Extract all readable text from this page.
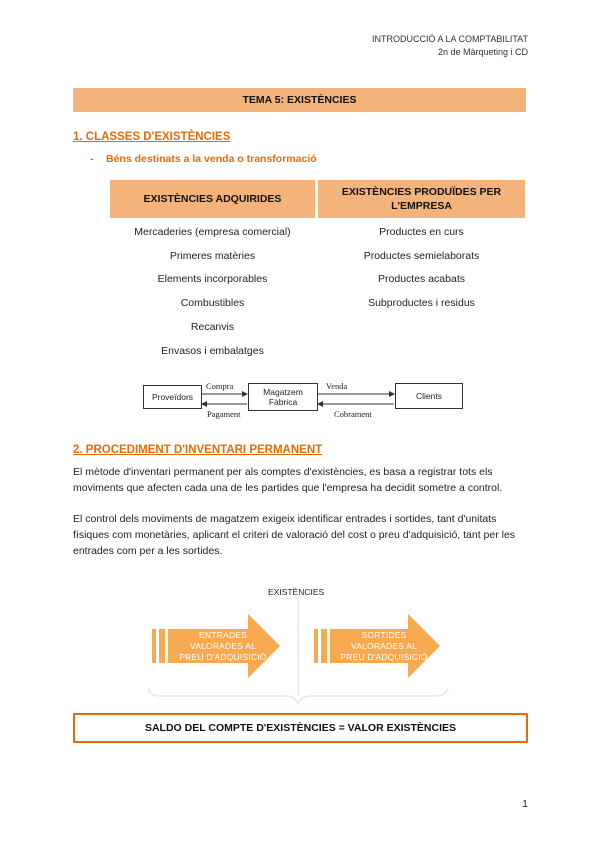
INTRODUCCIÓ A LA COMPTABILITAT
2n de Màrqueting i CD
TEMA 5: EXISTÈNCIES
1. CLASSES D'EXISTÈNCIES
- Béns destinats a la venda o transformació
EXISTÈNCIES ADQUIRIDES
EXISTÈNCIES PRODUÏDES PER L'EMPRESA
Mercaderies (empresa comercial)
Primeres matèries
Elements incorporables
Combustibles
Recanvis
Envasos i embalatges
Productes en curs
Productes semielaborats
Productes acabats
Subproductes i residus
Proveïdors	Magatzem
Fàbrica
Clients
Compra
Pagament
Venda
Cobrament
2. PROCEDIMENT D'INVENTARI PERMANENT
El mètode d'inventari permanent per als comptes d'existències, es basa a registrar tots els moviments que afecten cada una de les partides que l'empresa ha decidit sometre a control.
El control dels moviments de magatzem exigeix identificar entrades i sortides, tant d'unitats físiques com monetàries, aplicant el criteri de valoració del cost o preu d'adquisició, tant per les entrades com per a les sortides.
EXISTÈNCIES
ENTRADES
VALORADES AL
PREU D'ADQUISICIÓ
SORTIDES
VALORADES AL
PREU D'ADQUISICIÓ
SALDO DEL COMPTE D'EXISTÈNCIES = VALOR EXISTÈNCIES
1
